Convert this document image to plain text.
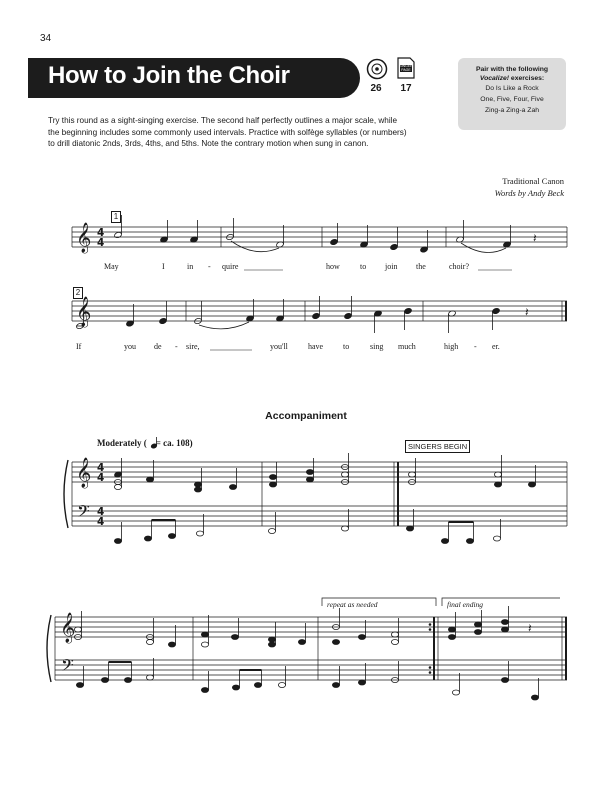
34
How to Join the Choir	26
SINGER PAGE
17
Pair with the following
Vocalize! exercises:
Do Is Like a Rock
One, Five, Four, Five
Zing-a Zing-a Zah
Try this round as a sight-singing exercise. The second half perfectly outlines a major scale, while the beginning includes some commonly used intervals. Practice with solfège syllables (or numbers) to drill diatonic 2nds, 3rds, 4ths, and 5ths. Note the contrary motion when sung in canon.
Traditional Canon
Words by Andy Beck
𝄞
𝄞
𝄞
𝄢
𝄞
𝄢
4
4
4
4
4
4
𝄽
𝄽
𝄽
1
2
May	I	in - quire	how	to join the	choir?
If	you de - sire,	you'll	have to	sing much	high - er.
Accompaniment
Moderately ( = ca. 108)	SINGERS BEGIN
repeat as needed	final ending
